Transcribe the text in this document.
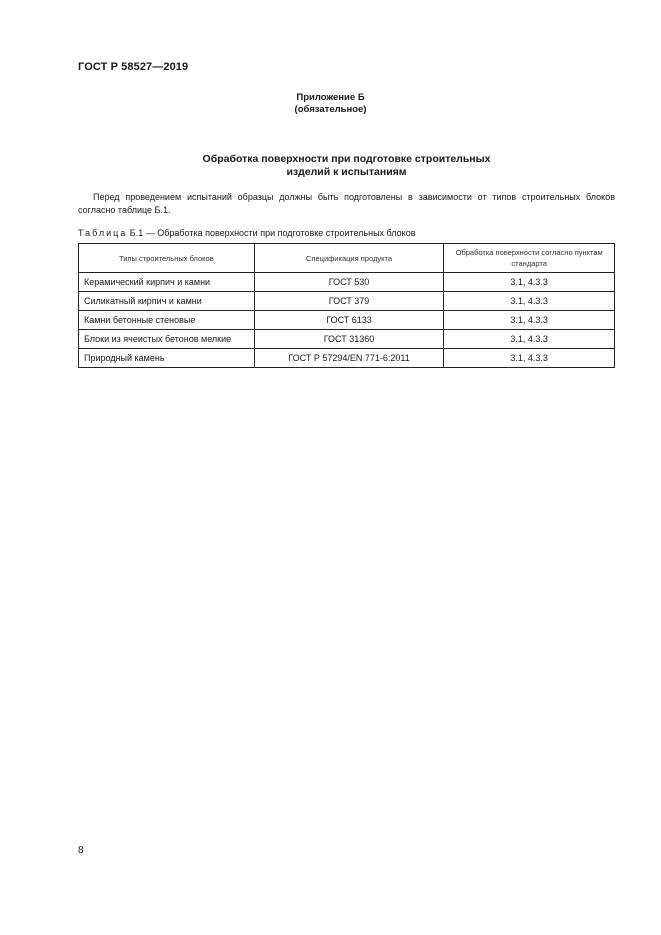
ГОСТ Р 58527—2019
Приложение Б
(обязательное)
Обработка поверхности при подготовке строительных
изделий к испытаниям
Перед проведением испытаний образцы должны быть подготовлены в зависимости от типов строительных блоков согласно таблице Б.1.
Таблица Б.1 — Обработка поверхности при подготовке строительных блоков
Типы строительных блоков	Спецификация продукта	Обработка поверхности согласно пунктам стандарта
Керамический кирпич и камни	ГОСТ 530	3.1, 4.3.3
Силикатный кирпич и камни	ГОСТ 379	3.1, 4.3.3
Камни бетонные стеновые	ГОСТ 6133	3.1, 4.3.3
Блоки из ячеистых бетонов мелкие	ГОСТ 31360	3.1, 4.3.3
Природный камень	ГОСТ Р 57294/EN 771-6:2011	3.1, 4.3.3
8
